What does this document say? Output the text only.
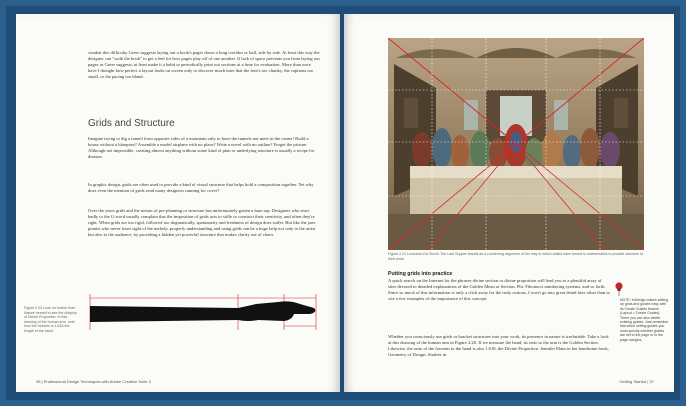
combat this difficulty Greer suggests laying out a book's pages down a long corridor or hall, side by side. At least this way the designer can "walk the book" to get a feel for how pages play off of one another. If lack of space prevents you from laying out pages as Greer suggests, at least make it a habit to periodically print out sections at a time for evaluation. More than once have I thought how perfect a layout looks on screen only to discover much later that the font's too chunky, the captions too small, or the pacing too bland.

Grids and Structure

Imagine trying to dig a tunnel from opposite sides of a mountain only to have the tunnels not meet in the center! Build a house without a blueprint? Assemble a model airplane with no plans? Write a novel with no outline? Forget the picture. Although not impossible, creating almost anything without some kind of plan or underlying structure is usually a recipe for disaster.

In graphic design, grids are often used to provide a kind of visual structure that helps hold a composition together. Yet why does even the mention of grids send many designers running for cover?

Over the years grids and the notion of pre-planning or structure has unfortunately gotten a bum rap. Designers who react badly to the G-word usually complain that the imposition of grids acts to stifle or constrict their creativity, and often they're right. When grids are too rigid, followed too dogmatically, spontaneity and freshness of design does suffer. But like the jazz pianist who never loses sight of the melody, properly understanding and using grids can be a huge help not only to the artist but also to the audience, by providing a hidden yet powerful structure that makes clarity out of chaos.

Figure 2.20 Look no further than Nature herself to see the ubiquity of Divine Proportion. In this drawing of the human arm, note how the forearm is 1.618 the length of the hand.
36 | Professional Design Techniques with Adobe Creative Suite 3
Figure 2.21 Leonardo Da Vinci's The Last Supper stands as a convincing argument of the way in which artists have turned to mathematics to provide structure to their work.
Putting grids into practice

A quick search on the Internet for the phrases divine section or divine proportion will lead you to a plentiful array of sites devoted to detailed explanations of the Golden Mean or Section, Phi, Fibonacci numbering systems, and so forth. Since so much of this information is only a click away for the truly curious, I won't go into great detail here other than to cite a few examples of the importance of this concept.

Whether you consciously use grids or bracket structures into your work, its presence in nature is irrefutable. Take a look at this drawing of the human arm in Figure 2.20. If we measure the hand, its ratio to the arm is the Golden Section. Likewise, the ratio of the forearm to the hand is also 1.618, the Divine Proportion. Jennifer Elam in her handsome book, Geometry of Design: Studies in

NOTE: InDesign makes setting up grids and guides easy with its Create Guides feature (Layout > Create Guides). There you can also delete existing guides. Just remember that when setting guides you must specify whether guides are set to the page or to the page margins.
Getting Started | 37
